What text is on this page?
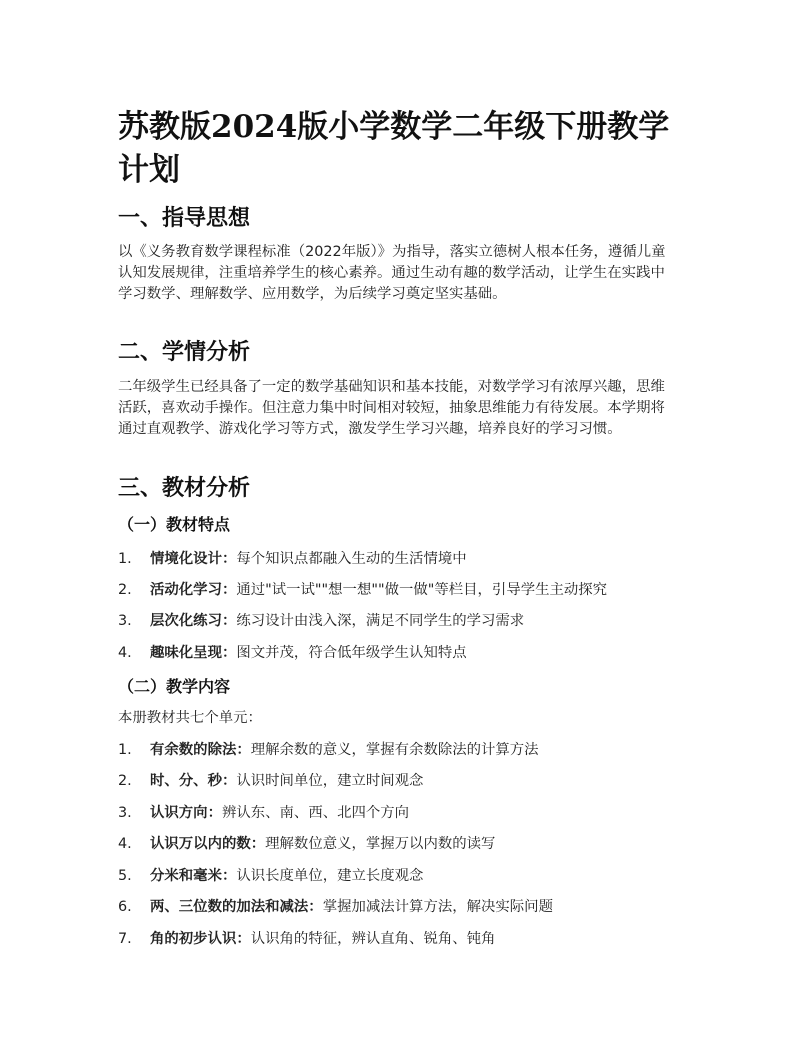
苏教版2024版小学数学二年级下册教学计划
一、指导思想

以《义务教育数学课程标准（2022年版）》为指导，落实立德树人根本任务，遵循儿童认知发展规律，注重培养学生的核心素养。通过生动有趣的数学活动，让学生在实践中学习数学、理解数学、应用数学，为后续学习奠定坚实基础。

二、学情分析

二年级学生已经具备了一定的数学基础知识和基本技能，对数学学习有浓厚兴趣，思维活跃，喜欢动手操作。但注意力集中时间相对较短，抽象思维能力有待发展。本学期将通过直观教学、游戏化学习等方式，激发学生学习兴趣，培养良好的学习习惯。

三、教材分析
（一）教材特点
1.	情境化设计：每个知识点都融入生动的生活情境中
2.	活动化学习：通过"试一试""想一想""做一做"等栏目，引导学生主动探究
3.	层次化练习：练习设计由浅入深，满足不同学生的学习需求
4.	趣味化呈现：图文并茂，符合低年级学生认知特点
（二）教学内容

本册教材共七个单元：

1.	有余数的除法：理解余数的意义，掌握有余数除法的计算方法
2.	时、分、秒：认识时间单位，建立时间观念
3.	认识方向：辨认东、南、西、北四个方向
4.	认识万以内的数：理解数位意义，掌握万以内数的读写
5.	分米和毫米：认识长度单位，建立长度观念
6.	两、三位数的加法和减法：掌握加减法计算方法，解决实际问题
7.	角的初步认识：认识角的特征，辨认直角、锐角、钝角
